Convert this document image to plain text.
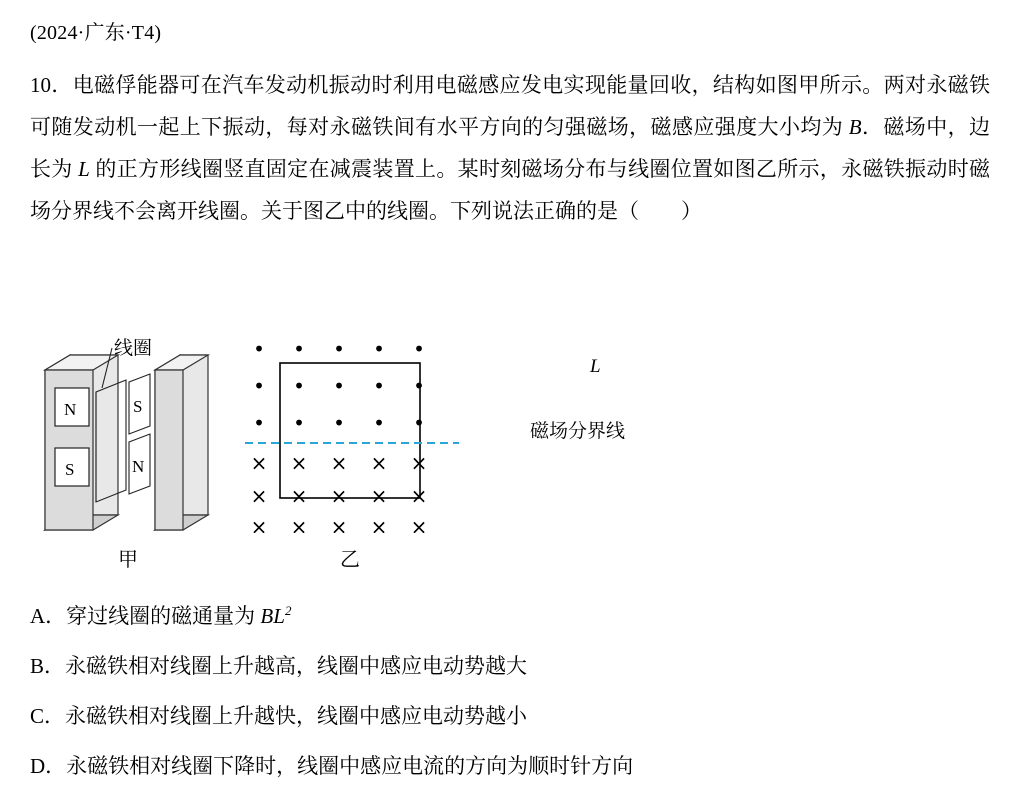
(2024·广东·T4)
10．电磁俘能器可在汽车发动机振动时利用电磁感应发电实现能量回收，结构如图甲所示。两对永磁铁可随发动机一起上下振动，每对永磁铁间有水平方向的匀强磁场，磁感应强度大小均为 B．磁场中，边长为 L 的正方形线圈竖直固定在减震装置上。某时刻磁场分布与线圈位置如图乙所示，永磁铁振动时磁场分界线不会离开线圈。关于图乙中的线圈。下列说法正确的是（　　）
N
S
S
N
线圈	• • • • •
• • • • •
• • • • •
× × × × ×
× × × × ×
× × × × ×
L
磁场分界线
甲	乙
A．穿过线圈的磁通量为 $BL^2$
B．永磁铁相对线圈上升越高，线圈中感应电动势越大
C．永磁铁相对线圈上升越快，线圈中感应电动势越小
D．永磁铁相对线圈下降时，线圈中感应电流的方向为顺时针方向
